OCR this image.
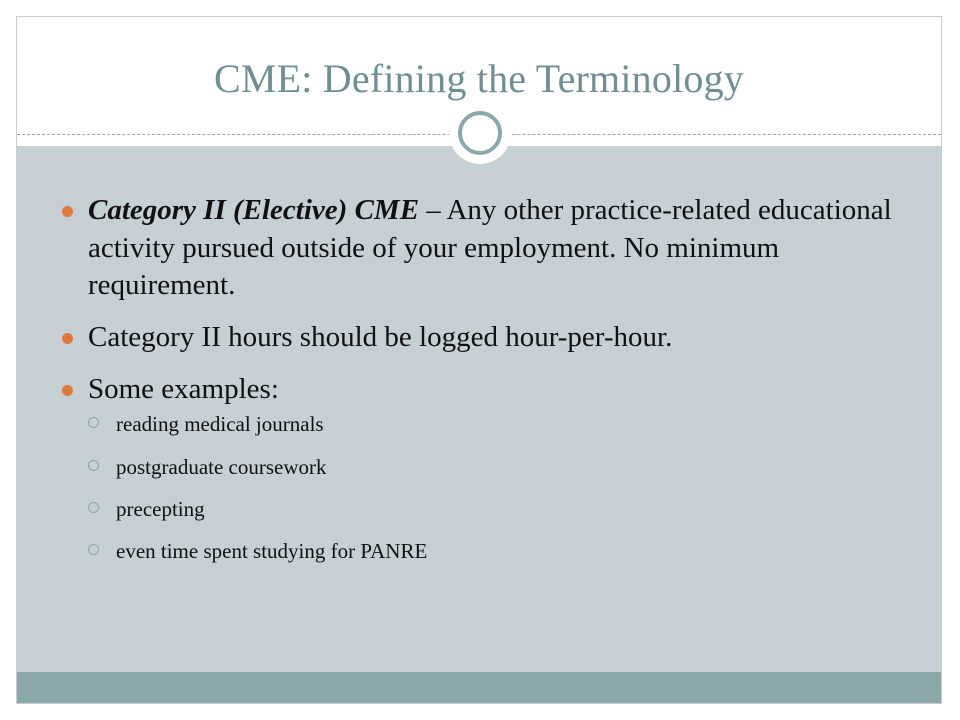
CME: Defining the Terminology
Category II (Elective) CME – Any other practice-related educational activity pursued outside of your employment. No minimum requirement.
Category II hours should be logged hour-per-hour.
Some examples:
reading medical journals
postgraduate coursework
precepting
even time spent studying for PANRE
